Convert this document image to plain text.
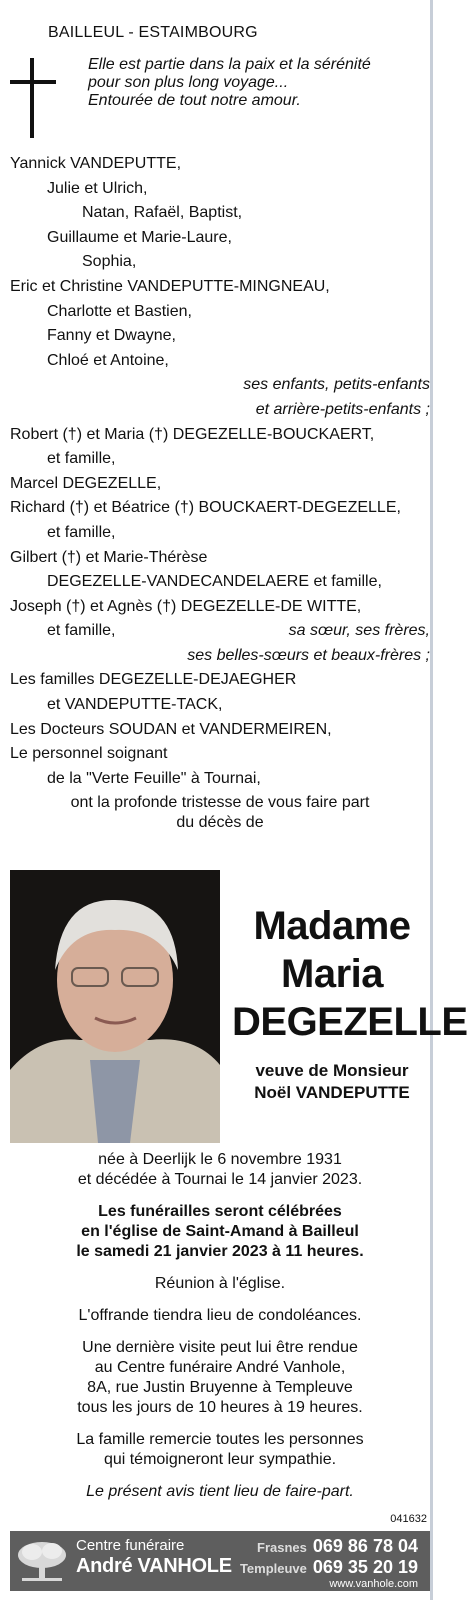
BAILLEUL - ESTAIMBOURG
Elle est partie dans la paix et la sérénité
pour son plus long voyage...
Entourée de tout notre amour.
Yannick VANDEPUTTE,
Julie et Ulrich,
Natan, Rafaël, Baptist,
Guillaume et Marie-Laure,
Sophia,
Eric et Christine VANDEPUTTE-MINGNEAU,
Charlotte et Bastien,
Fanny et Dwayne,
Chloé et Antoine,
ses enfants, petits-enfants
et arrière-petits-enfants ;
Robert (†) et Maria (†) DEGEZELLE-BOUCKAERT,
et famille,
Marcel DEGEZELLE,
Richard (†) et Béatrice (†) BOUCKAERT-DEGEZELLE,
et famille,
Gilbert (†) et Marie-Thérèse
DEGEZELLE-VANDECANDELAERE et famille,
Joseph (†) et Agnès (†) DEGEZELLE-DE WITTE,
et famille,	sa sœur, ses frères,
ses belles-sœurs et beaux-frères ;
Les familles DEGEZELLE-DEJAEGHER
et VANDEPUTTE-TACK,
Les Docteurs SOUDAN et VANDERMEIREN,
Le personnel soignant
de la "Verte Feuille" à Tournai,
ont la profonde tristesse de vous faire part
du décès de
Madame
Maria
DEGEZELLE
veuve de Monsieur
Noël VANDEPUTTE
née à Deerlijk le 6 novembre 1931
et décédée à Tournai le 14 janvier 2023.
Les funérailles seront célébrées
en l'église de Saint-Amand à Bailleul
le samedi 21 janvier 2023 à 11 heures.
Réunion à l'église.
L'offrande tiendra lieu de condoléances.
Une dernière visite peut lui être rendue
au Centre funéraire André Vanhole,
8A, rue Justin Bruyenne à Templeuve
tous les jours de 10 heures à 19 heures.
La famille remercie toutes les personnes
qui témoigneront leur sympathie.
Le présent avis tient lieu de faire-part.
041632
Centre funéraire
André VANHOLE
Frasnes 069 86 78 04
Templeuve 069 35 20 19
www.vanhole.com
